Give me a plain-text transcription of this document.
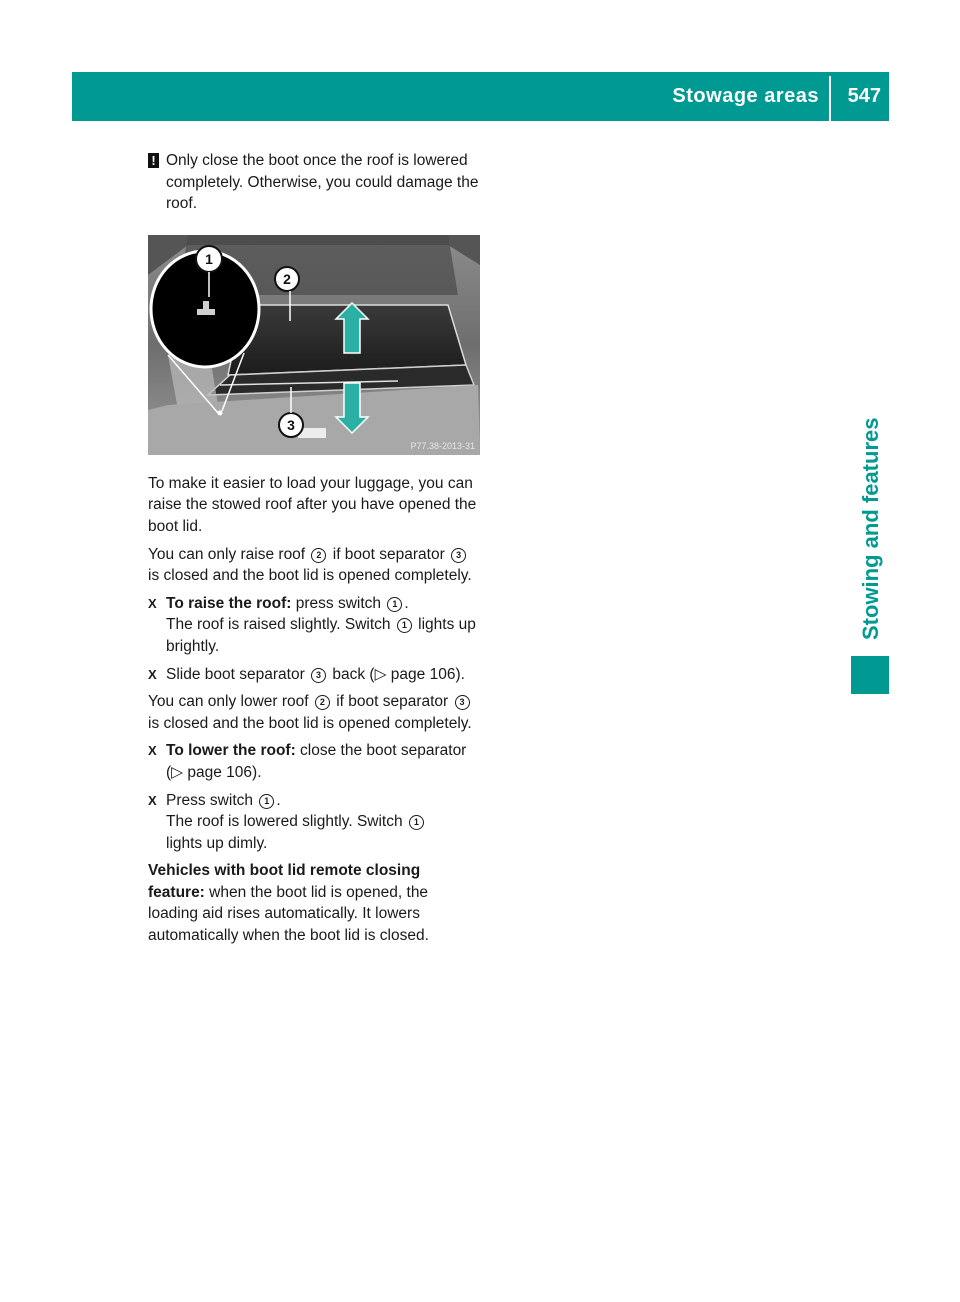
Stowage areas 547
Stowing and features
! Only close the boot once the roof is lowered completely. Otherwise, you could damage the roof.
1
2
3
P77.38-2013-31

To make it easier to load your luggage, you can raise the stowed roof after you have opened the boot lid.

You can only raise roof 2 if boot separator 3 is closed and the boot lid is opened completely.

X To raise the roof: press switch 1 .
The roof is raised slightly. Switch 1 lights up brightly.
X Slide boot separator 3 back (▷ page 106).

You can only lower roof 2 if boot separator 3 is closed and the boot lid is opened completely.

X To lower the roof: close the boot separator (▷ page 106).
X Press switch 1 .
The roof is lowered slightly. Switch 1
lights up dimly.

Vehicles with boot lid remote closing feature: when the boot lid is opened, the loading aid rises automatically. It lowers automatically when the boot lid is closed.
